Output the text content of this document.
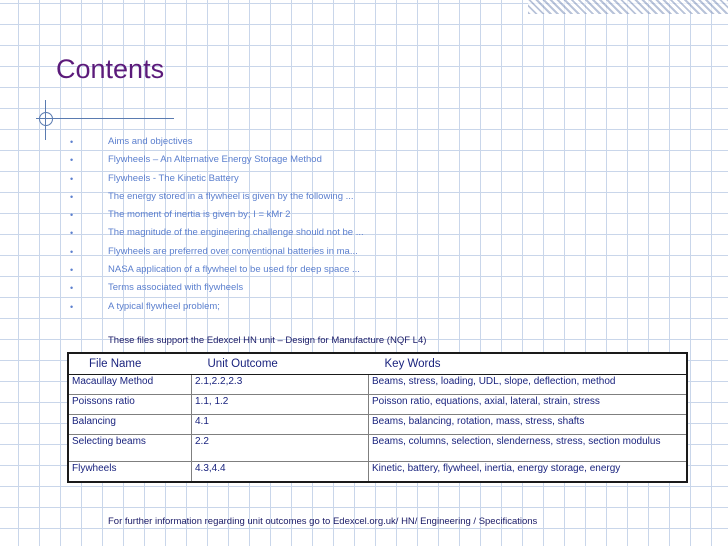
Contents
•	Aims and objectives
•	Flywheels – An Alternative Energy Storage Method
•	Flywheels - The Kinetic Battery
•	The energy stored in a flywheel is given by the following ...
•	The moment of inertia is given by; I = kMr 2
•	The magnitude of the engineering challenge should not be ...
•	Flywheels are preferred over conventional batteries in ma...
•	NASA application of a flywheel to be used for deep space ...
•	Terms associated with flywheels
•	A typical flywheel problem;
These files support the Edexcel HN unit – Design for Manufacture (NQF L4)
File Name	Unit Outcome	Key Words
Macaullay Method	2.1,2.2,2.3	Beams, stress, loading, UDL, slope, deflection, method
Poissons ratio	1.1, 1.2	Poisson ratio, equations, axial, lateral, strain, stress
Balancing	4.1	Beams, balancing, rotation, mass, stress, shafts
Selecting beams	2.2	Beams, columns, selection, slenderness, stress, section modulus
Flywheels	4.3,4.4	Kinetic, battery, flywheel, inertia, energy storage, energy
For further information regarding unit outcomes go to Edexcel.org.uk/ HN/ Engineering / Specifications
